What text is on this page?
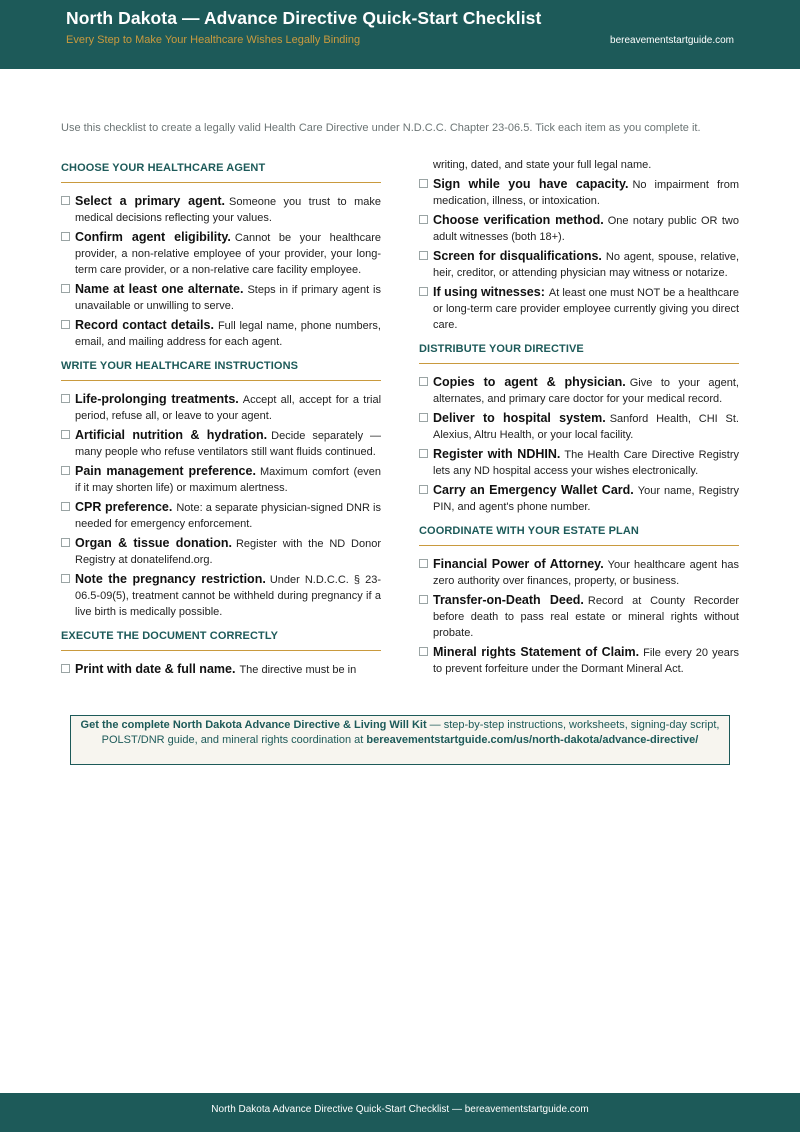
North Dakota — Advance Directive Quick-Start Checklist
Every Step to Make Your Healthcare Wishes Legally Binding	bereavementstartguide.com
Use this checklist to create a legally valid Health Care Directive under N.D.C.C. Chapter 23-06.5. Tick each item as you complete it.
CHOOSE YOUR HEALTHCARE AGENT
Select a primary agent. Someone you trust to make medical decisions reflecting your values.
Confirm agent eligibility. Cannot be your healthcare provider, a non-relative employee of your provider, your long-term care provider, or a non-relative care facility employee.
Name at least one alternate. Steps in if primary agent is unavailable or unwilling to serve.
Record contact details. Full legal name, phone numbers, email, and mailing address for each agent.
WRITE YOUR HEALTHCARE INSTRUCTIONS
Life-prolonging treatments. Accept all, accept for a trial period, refuse all, or leave to your agent.
Artificial nutrition & hydration. Decide separately — many people who refuse ventilators still want fluids continued.
Pain management preference. Maximum comfort (even if it may shorten life) or maximum alertness.
CPR preference. Note: a separate physician-signed DNR is needed for emergency enforcement.
Organ & tissue donation. Register with the ND Donor Registry at donatelifend.org.
Note the pregnancy restriction. Under N.D.C.C. § 23-06.5-09(5), treatment cannot be withheld during pregnancy if a live birth is medically possible.
EXECUTE THE DOCUMENT CORRECTLY
Print with date & full name. The directive must be in
writing, dated, and state your full legal name.
Sign while you have capacity. No impairment from medication, illness, or intoxication.
Choose verification method. One notary public OR two adult witnesses (both 18+).
Screen for disqualifications. No agent, spouse, relative, heir, creditor, or attending physician may witness or notarize.
If using witnesses: At least one must NOT be a healthcare or long-term care provider employee currently giving you direct care.
DISTRIBUTE YOUR DIRECTIVE
Copies to agent & physician. Give to your agent, alternates, and primary care doctor for your medical record.
Deliver to hospital system. Sanford Health, CHI St. Alexius, Altru Health, or your local facility.
Register with NDHIN. The Health Care Directive Registry lets any ND hospital access your wishes electronically.
Carry an Emergency Wallet Card. Your name, Registry PIN, and agent's phone number.
COORDINATE WITH YOUR ESTATE PLAN
Financial Power of Attorney. Your healthcare agent has zero authority over finances, property, or business.
Transfer-on-Death Deed. Record at County Recorder before death to pass real estate or mineral rights without probate.
Mineral rights Statement of Claim. File every 20 years to prevent forfeiture under the Dormant Mineral Act.
Get the complete North Dakota Advance Directive & Living Will Kit — step-by-step instructions, worksheets, signing-day script, POLST/DNR guide, and mineral rights coordination at bereavementstartguide.com/us/north-dakota/advance-directive/
North Dakota Advance Directive Quick-Start Checklist — bereavementstartguide.com
